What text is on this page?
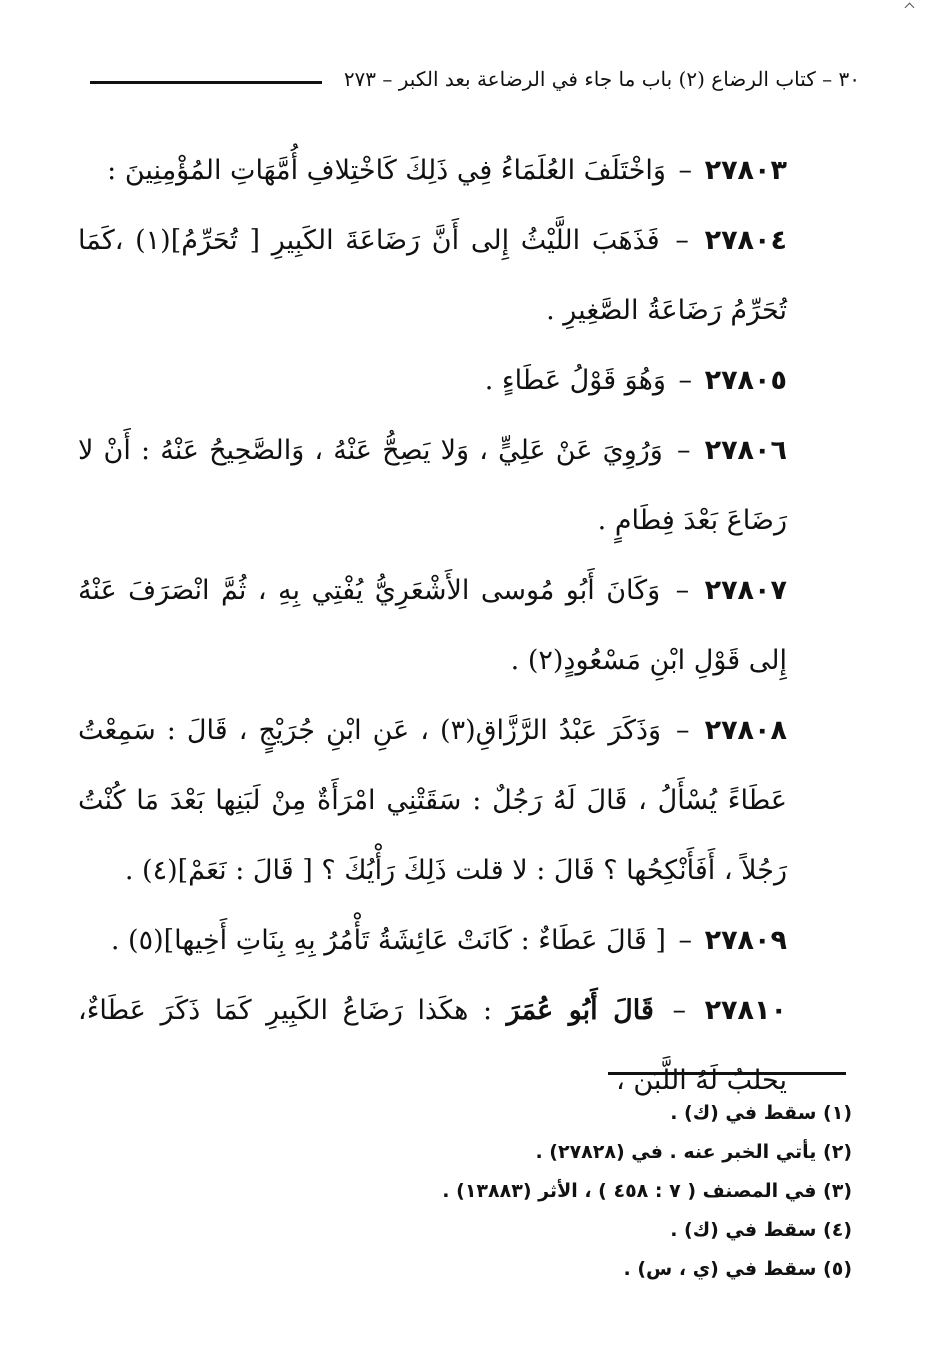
٣٠ – كتاب الرضاع (٢) باب ما جاء في الرضاعة بعد الكبر – ٢٧٣

٢٧٨٠٣ – وَاخْتَلَفَ العُلَمَاءُ فِي ذَلِكَ كَاخْتِلافِ أُمَّهَاتِ المُؤْمِنِينَ :

٢٧٨٠٤ – فَذَهَبَ اللَّيْثُ إِلى أَنَّ رَضَاعَةَ الكَبِيرِ [ تُحَرِّمُ](١) ،كَمَا تُحَرِّمُ رَضَاعَةُ الصَّغِيرِ .

٢٧٨٠٥ – وَهُوَ قَوْلُ عَطَاءٍ .

٢٧٨٠٦ – وَرُوِيَ عَنْ عَلِيٍّ ، وَلا يَصِحُّ عَنْهُ ، وَالصَّحِيحُ عَنْهُ : أَنْ لا رَضَاعَ بَعْدَ فِطَامٍ .

٢٧٨٠٧ – وَكَانَ أَبُو مُوسى الأَشْعَرِيُّ يُفْتِي بِهِ ، ثُمَّ انْصَرَفَ عَنْهُ إِلى قَوْلِ ابْنِ مَسْعُودٍ(٢) .

٢٧٨٠٨ – وَذَكَرَ عَبْدُ الرَّزَّاقِ(٣) ، عَنِ ابْنِ جُرَيْجٍ ، قَالَ : سَمِعْتُ عَطَاءً يُسْأَلُ ، قَالَ لَهُ رَجُلٌ : سَقَتْنِي امْرَأَةٌ مِنْ لَبَنِها بَعْدَ مَا كُنْتُ رَجُلاً ، أَفَأَنْكِحُها ؟ قَالَ : لا قلت ذَلِكَ رَأْيُكَ ؟ [ قَالَ : نَعَمْ](٤) .

٢٧٨٠٩ – [ قَالَ عَطَاءٌ : كَانَتْ عَائِشَةُ تَأْمُرُ بِهِ بِنَاتِ أَخِيها](٥) .

٢٧٨١٠ – قَالَ أَبُو عُمَرَ : هكَذا رَضَاعُ الكَبِيرِ كَمَا ذَكَرَ عَطَاءٌ، يحلبُ لَهُ اللَّبَن ،

(١) سقط في (ك) .

(٢) يأتي الخبر عنه . في (٢٧٨٢٨) .

(٣) في المصنف ( ٧ : ٤٥٨ ) ، الأثر (١٣٨٨٣) .

(٤) سقط في (ك) .

(٥) سقط في (ي ، س) .
